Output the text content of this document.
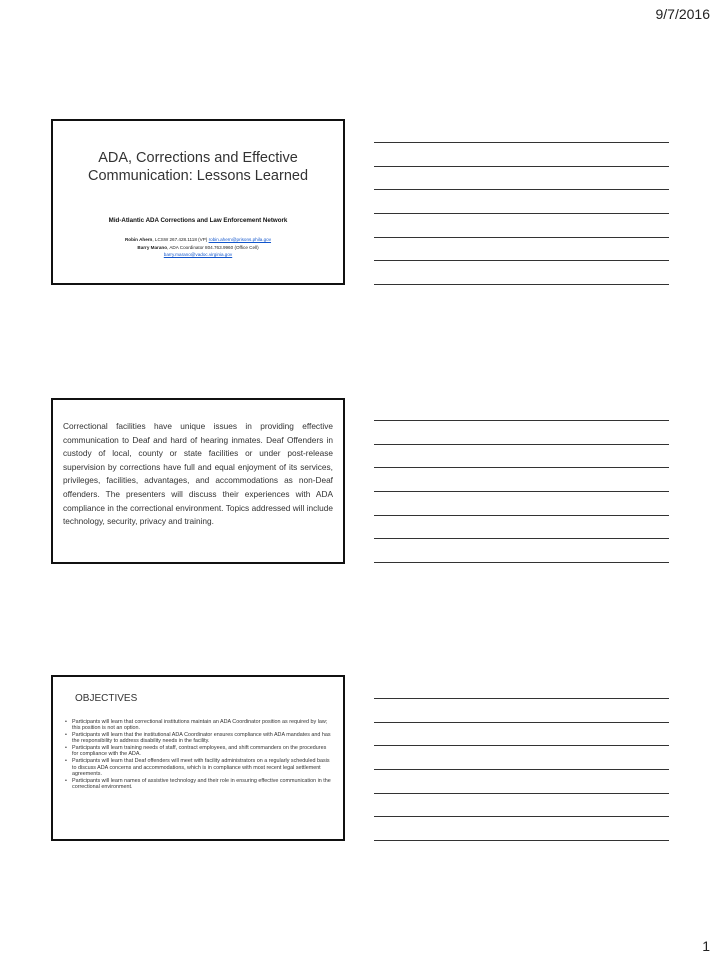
9/7/2016
ADA, Corrections and Effective Communication: Lessons Learned
Mid-Atlantic ADA Corrections and Law Enforcement Network
Robin Ahern, LCSW 267.428.1118 (VP) robin.ahern@prisons.phila.gov
Barry Marano, ADA Coordinator 804.763.9960 (Office Cell)
barry.marano@vadoc.virginia.gov
Correctional facilities have unique issues in providing effective communication to Deaf and hard of hearing inmates. Deaf Offenders in custody of local, county or state facilities or under post-release supervision by corrections have full and equal enjoyment of its services, privileges, facilities, advantages, and accommodations as non-Deaf offenders. The presenters will discuss their experiences with ADA compliance in the correctional environment. Topics addressed will include technology, security, privacy and training.
OBJECTIVES
• Participants will learn that correctional institutions maintain an ADA Coordinator position as required by law; this position is not an option.
• Participants will learn that the institutional ADA Coordinator ensures compliance with ADA mandates and has the responsibility to address disability needs in the facility.
• Participants will learn training needs of staff, contract employees, and shift commanders on the procedures for compliance with the ADA.
• Participants will learn that Deaf offenders will meet with facility administrators on a regularly scheduled basis to discuss ADA concerns and accommodations, which is in compliance with most recent legal settlement agreements.
• Participants will learn names of assistive technology and their role in ensuring effective communication in the correctional environment.
1
